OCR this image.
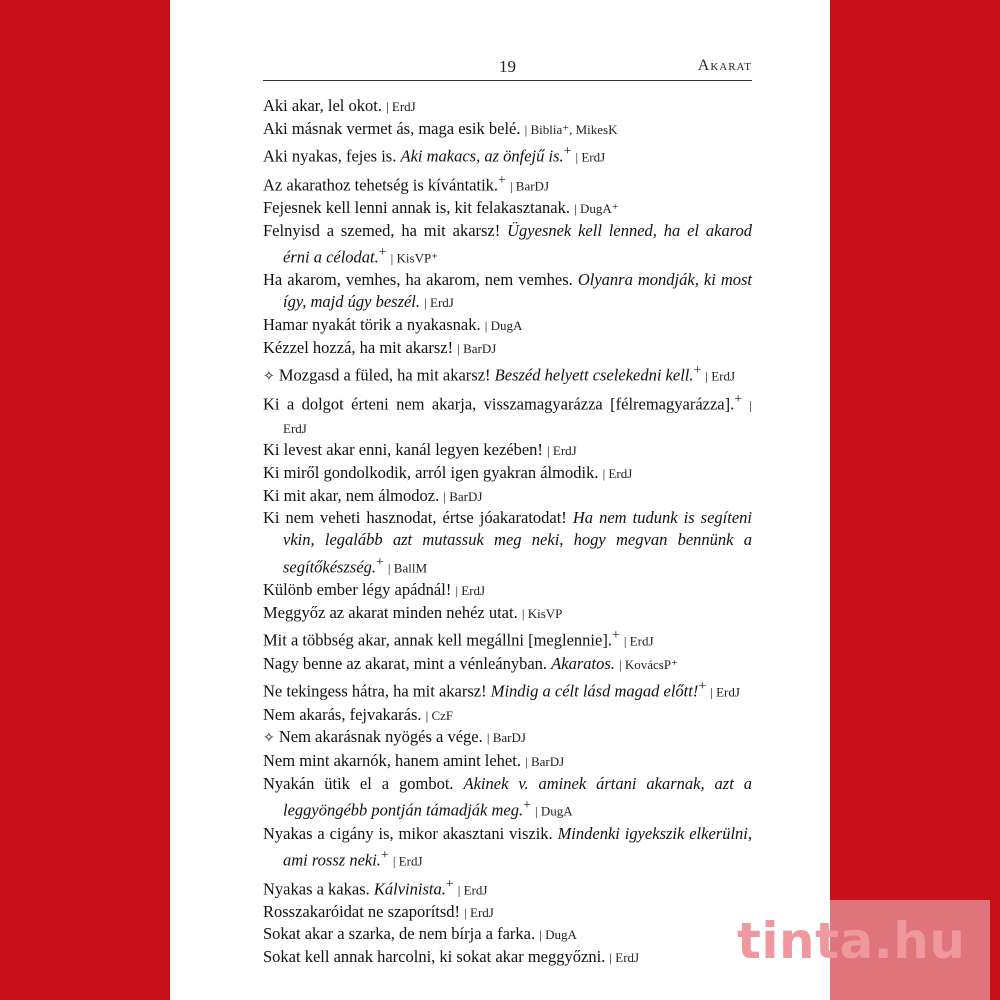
19	Akarat
Aki akar, lel okot. | ErdJ
Aki másnak vermet ás, maga esik belé. | Biblia⁺, MikesK
Aki nyakas, fejes is. Aki makacs, az önfejű is.+ | ErdJ
Az akarathoz tehetség is kívántatik.+ | BarDJ
Fejesnek kell lenni annak is, kit felakasztanak. | DugA⁺
Felnyisd a szemed, ha mit akarsz! Ügyesnek kell lenned, ha el akarod érni a célodat.+ | KisVP⁺
Ha akarom, vemhes, ha akarom, nem vemhes. Olyanra mondják, ki most így, majd úgy beszél. | ErdJ
Hamar nyakát törik a nyakasnak. | DugA
Kézzel hozzá, ha mit akarsz! | BarDJ
✧ Mozgasd a füled, ha mit akarsz! Beszéd helyett cselekedni kell.+ | ErdJ
Ki a dolgot érteni nem akarja, visszamagyarázza [félremagyarázza].+ | ErdJ
Ki levest akar enni, kanál legyen kezében! | ErdJ
Ki miről gondolkodik, arról igen gyakran álmodik. | ErdJ
Ki mit akar, nem álmodoz. | BarDJ
Ki nem veheti hasznodat, értse jóakaratodat! Ha nem tudunk is segíteni vkin, legalább azt mutassuk meg neki, hogy megvan bennünk a segítőkészség.+ | BallM
Különb ember légy apádnál! | ErdJ
Meggyőz az akarat minden nehéz utat. | KisVP
Mit a többség akar, annak kell megállni [meglennie].+ | ErdJ
Nagy benne az akarat, mint a vénleányban. Akaratos. | KovácsP⁺
Ne tekingess hátra, ha mit akarsz! Mindig a célt lásd magad előtt!+ | ErdJ
Nem akarás, fejvakarás. | CzF
✧ Nem akarásnak nyögés a vége. | BarDJ
Nem mint akarnók, hanem amint lehet. | BarDJ
Nyakán ütik el a gombot. Akinek v. aminek ártani akarnak, azt a leggyöngébb pontján támadják meg.+ | DugA
Nyakas a cigány is, mikor akasztani viszik. Mindenki igyekszik elkerülni, ami rossz neki.+ | ErdJ
Nyakas a kakas. Kálvinista.+ | ErdJ
Rosszakaróidat ne szaporítsd! | ErdJ
Sokat akar a szarka, de nem bírja a farka. | DugA
Sokat kell annak harcolni, ki sokat akar meggyőzni. | ErdJ	tinta.hu
